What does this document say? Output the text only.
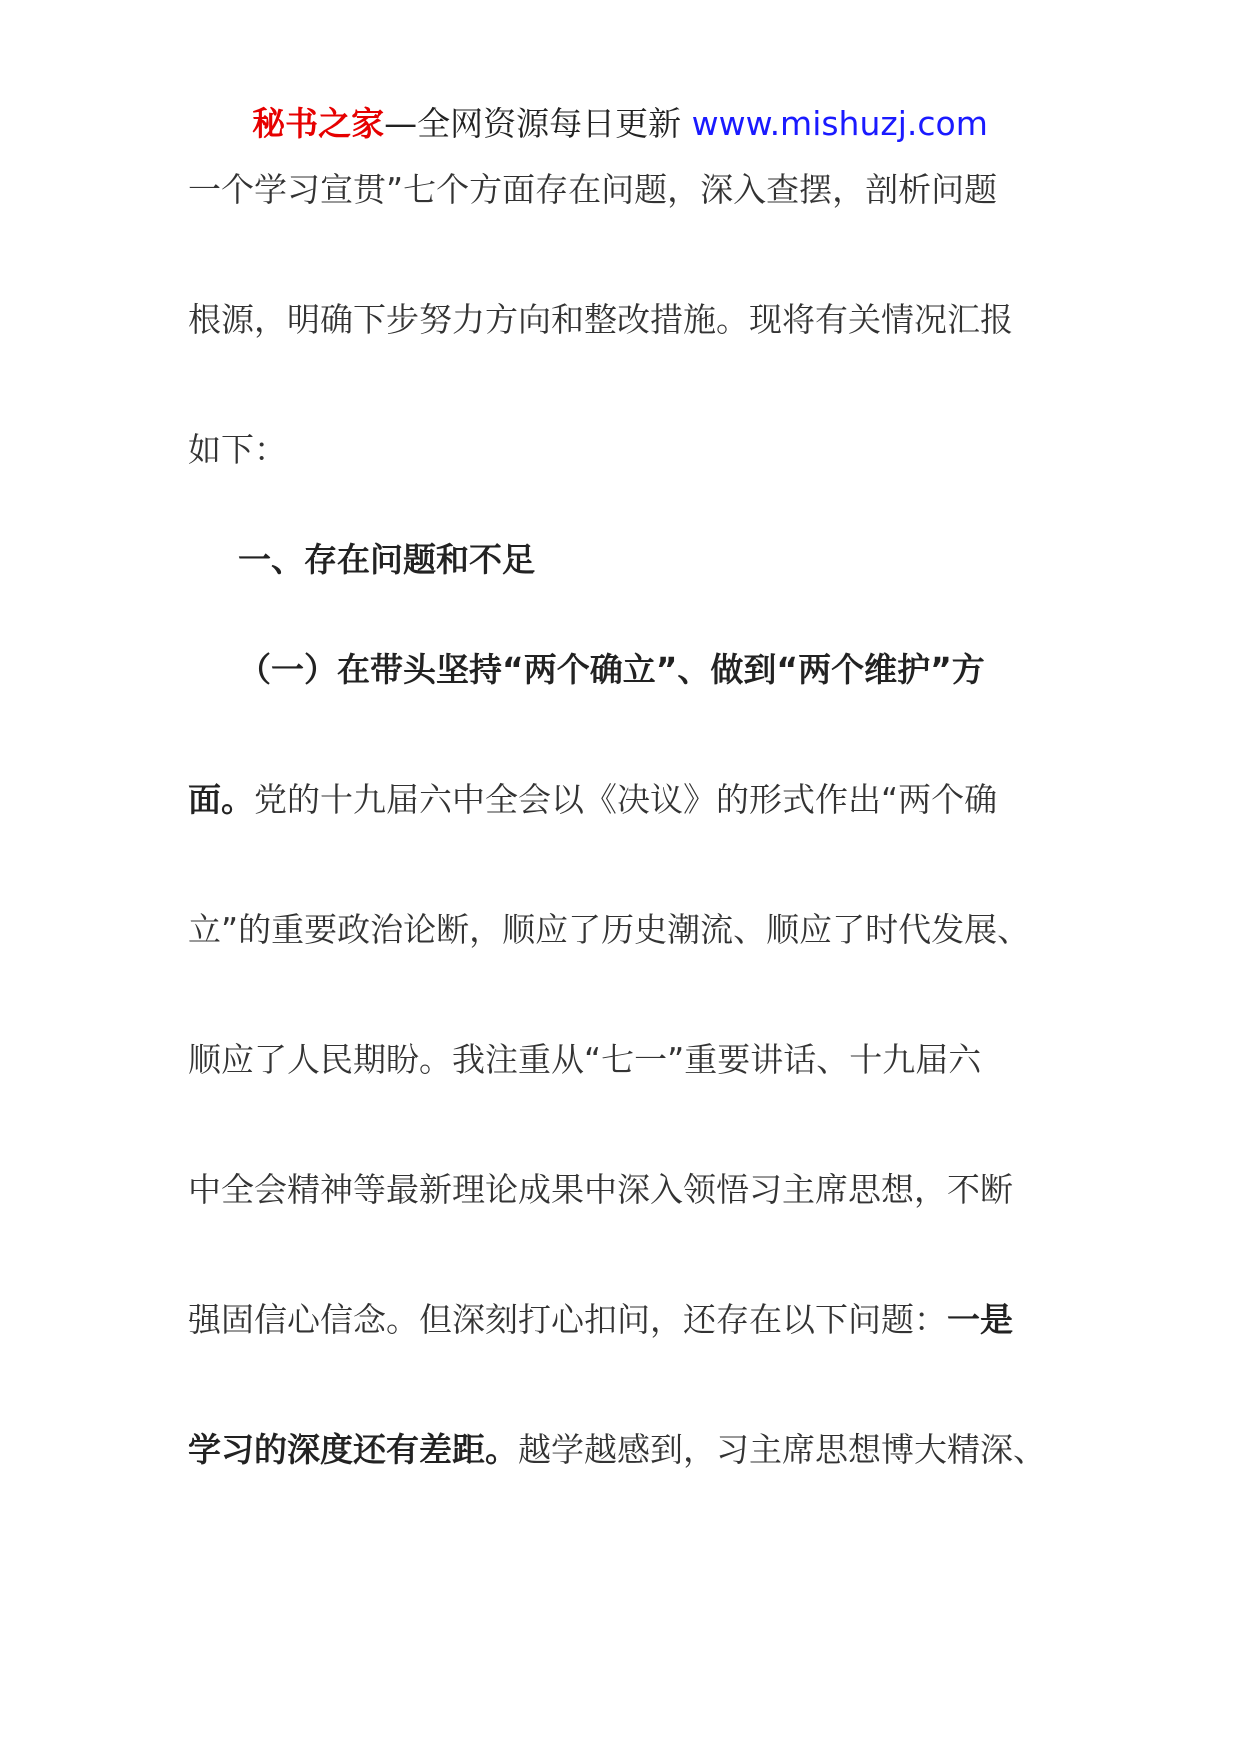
秘书之家—全网资源每日更新 www.mishuzj.com
一个学习宣贯”七个方面存在问题，深入查摆，剖析问题
根源，明确下步努力方向和整改措施。现将有关情况汇报
如下：
一、存在问题和不足
（一）在带头坚持“两个确立”、做到“两个维护”方
面。党的十九届六中全会以《决议》的形式作出“两个确
立”的重要政治论断，顺应了历史潮流、顺应了时代发展、
顺应了人民期盼。我注重从“七一”重要讲话、十九届六
中全会精神等最新理论成果中深入领悟习主席思想，不断
强固信心信念。但深刻打心扣问，还存在以下问题：一是
学习的深度还有差距。越学越感到，习主席思想博大精深、
